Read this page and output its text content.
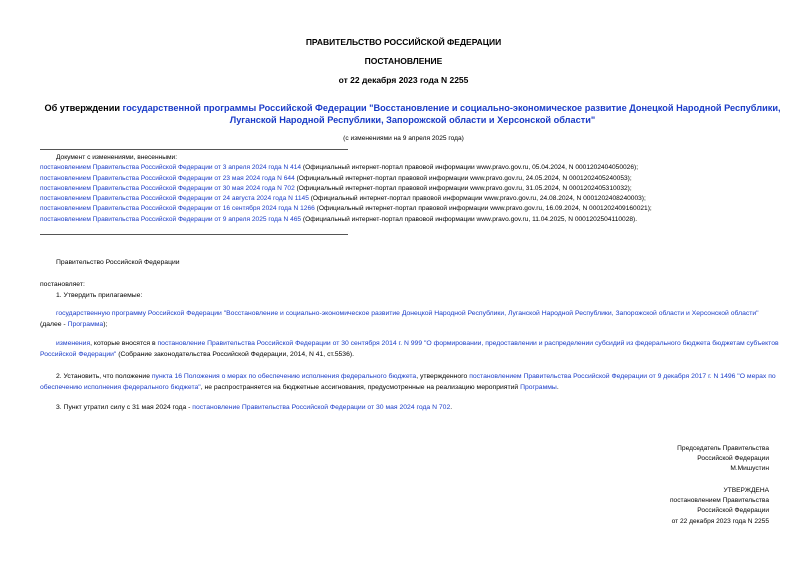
ПРАВИТЕЛЬСТВО РОССИЙСКОЙ ФЕДЕРАЦИИ
ПОСТАНОВЛЕНИЕ
от 22 декабря 2023 года N 2255
Об утверждении государственной программы Российской Федерации "Восстановление и социально-экономическое развитие Донецкой Народной Республики, Луганской Народной Республики, Запорожской области и Херсонской области"
(с изменениями на 9 апреля 2025 года)
Документ с изменениями, внесенными:
постановлением Правительства Российской Федерации от 3 апреля 2024 года N 414 (Официальный интернет-портал правовой информации www.pravo.gov.ru, 05.04.2024, N 0001202404050026);
постановлением Правительства Российской Федерации от 23 мая 2024 года N 644 (Официальный интернет-портал правовой информации www.pravo.gov.ru, 24.05.2024, N 0001202405240053);
постановлением Правительства Российской Федерации от 30 мая 2024 года N 702 (Официальный интернет-портал правовой информации www.pravo.gov.ru, 31.05.2024, N 0001202405310032);
постановлением Правительства Российской Федерации от 24 августа 2024 года N 1145 (Официальный интернет-портал правовой информации www.pravo.gov.ru, 24.08.2024, N 0001202408240003);
постановлением Правительства Российской Федерации от 16 сентября 2024 года N 1266 (Официальный интернет-портал правовой информации www.pravo.gov.ru, 16.09.2024, N 0001202409160021);
постановлением Правительства Российской Федерации от 9 апреля 2025 года N 465 (Официальный интернет-портал правовой информации www.pravo.gov.ru, 11.04.2025, N 0001202504110028).
Правительство Российской Федерации
постановляет:
1. Утвердить прилагаемые:
государственную программу Российской Федерации "Восстановление и социально-экономическое развитие Донецкой Народной Республики, Луганской Народной Республики, Запорожской области и Херсонской области" (далее - Программа);
изменения, которые вносятся в постановление Правительства Российской Федерации от 30 сентября 2014 г. N 999 "О формировании, предоставлении и распределении субсидий из федерального бюджета бюджетам субъектов Российской Федерации" (Собрание законодательства Российской Федерации, 2014, N 41, ст.5536).
2. Установить, что положение пункта 16 Положения о мерах по обеспечению исполнения федерального бюджета, утвержденного постановлением Правительства Российской Федерации от 9 декабря 2017 г. N 1496 "О мерах по обеспечению исполнения федерального бюджета", не распространяется на бюджетные ассигнования, предусмотренные на реализацию мероприятий Программы.
3. Пункт утратил силу с 31 мая 2024 года - постановление Правительства Российской Федерации от 30 мая 2024 года N 702.
Председатель Правительства
Российской Федерации
М.Мишустин
УТВЕРЖДЕНА
постановлением Правительства
Российской Федерации
от 22 декабря 2023 года N 2255
